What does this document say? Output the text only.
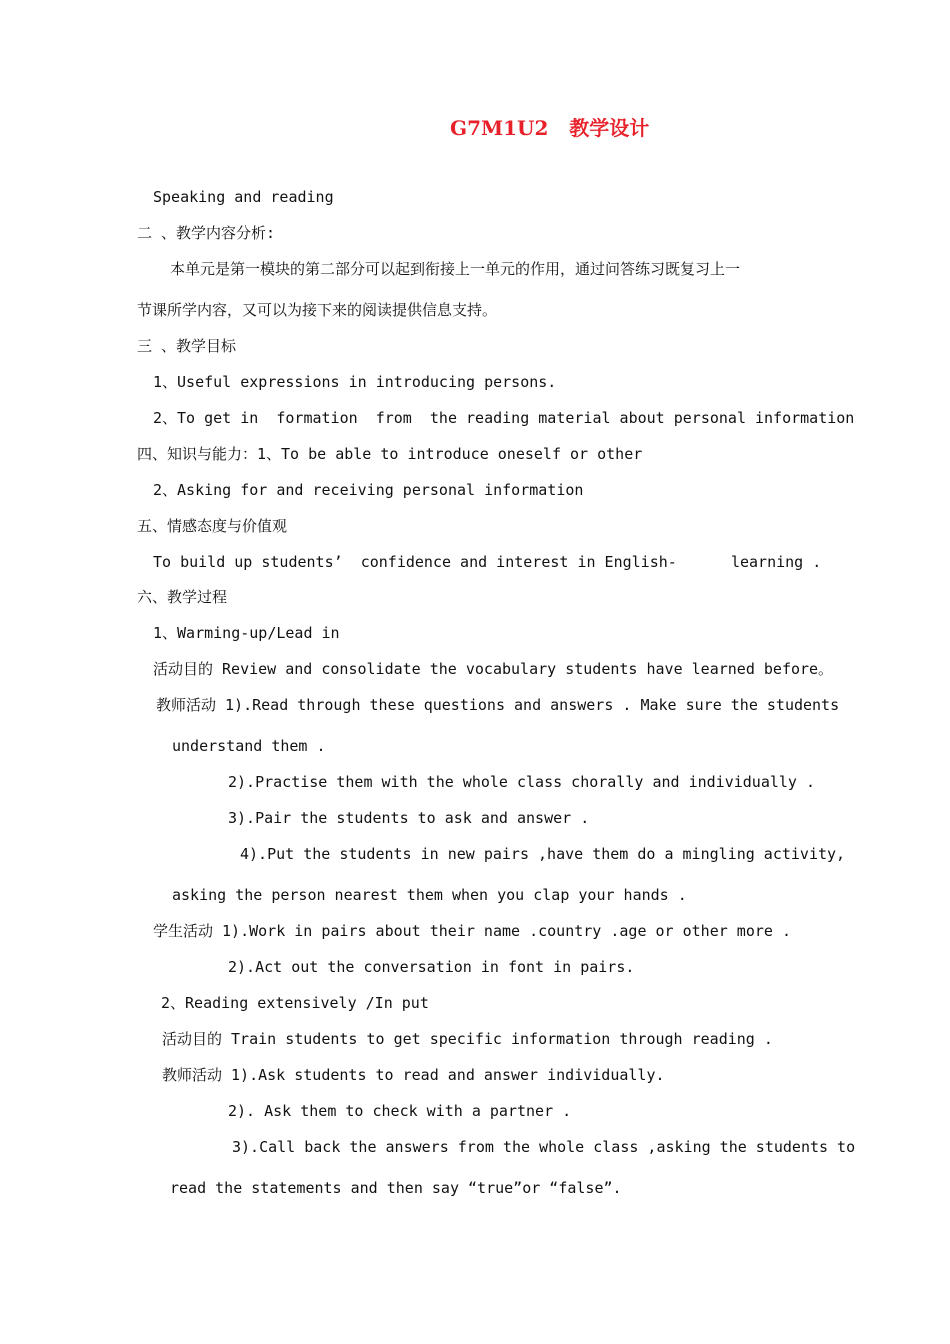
G7M1U2   教学设计
Speaking and reading
二 、教学内容分析:
本单元是第一模块的第二部分可以起到衔接上一单元的作用，通过问答练习既复习上一
节课所学内容，又可以为接下来的阅读提供信息支持。
三 、教学目标
1、Useful expressions in introducing persons.
2、To get in  formation  from  the reading material about personal information
四、知识与能力：1、To be able to introduce oneself or other
2、Asking for and receiving personal information
五、情感态度与价值观
To build up students’  confidence and interest in English-      learning .
六、教学过程
1、Warming-up/Lead in
活动目的 Review and consolidate the vocabulary students have learned before。
教师活动 1).Read through these questions and answers . Make sure the students
understand them .
2).Practise them with the whole class chorally and individually .
3).Pair the students to ask and answer .
4).Put the students in new pairs ,have them do a mingling activity,
asking the person nearest them when you clap your hands .
学生活动 1).Work in pairs about their name .country .age or other more .
2).Act out the conversation in font in pairs.
2、Reading extensively /In put
活动目的 Train students to get specific information through reading .
教师活动 1).Ask students to read and answer individually.
2). Ask them to check with a partner .
3).Call back the answers from the whole class ,asking the students to
read the statements and then say “true”or “false”.
